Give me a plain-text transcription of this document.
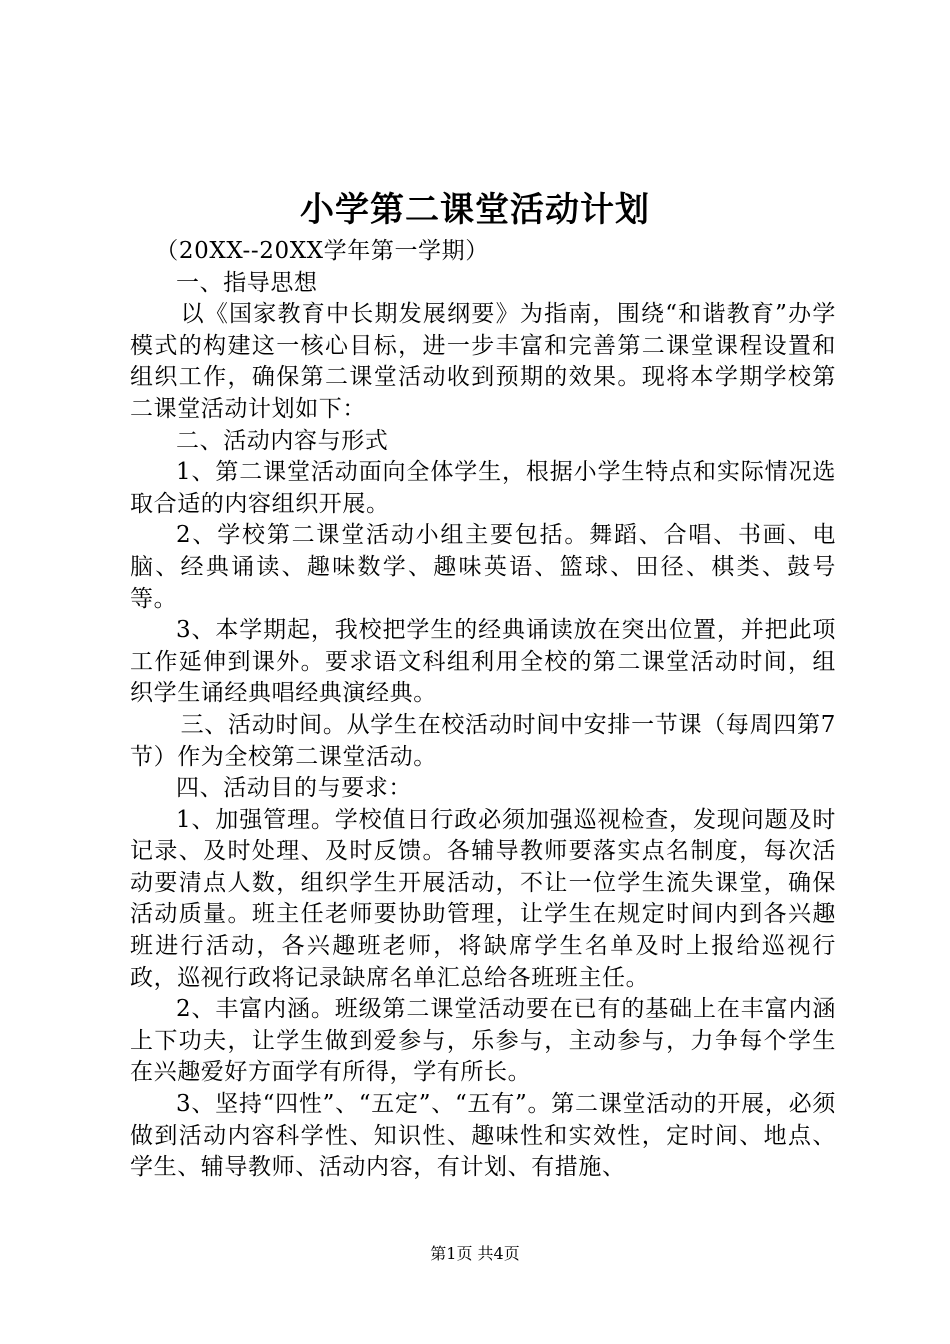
小学第二课堂活动计划

（20XX--20XX学年第一学期）

一、指导思想

以《国家教育中长期发展纲要》为指南，围绕“和谐教育”办学模式的构建这一核心目标，进一步丰富和完善第二课堂课程设置和组织工作，确保第二课堂活动收到预期的效果。现将本学期学校第二课堂活动计划如下：

二、活动内容与形式

1、第二课堂活动面向全体学生，根据小学生特点和实际情况选取合适的内容组织开展。

2、学校第二课堂活动小组主要包括。舞蹈、合唱、书画、电脑、经典诵读、趣味数学、趣味英语、篮球、田径、棋类、鼓号等。

3、本学期起，我校把学生的经典诵读放在突出位置，并把此项工作延伸到课外。要求语文科组利用全校的第二课堂活动时间，组织学生诵经典唱经典演经典。

三、活动时间。从学生在校活动时间中安排一节课（每周四第7节）作为全校第二课堂活动。

四、活动目的与要求：

1、加强管理。学校值日行政必须加强巡视检查，发现问题及时记录、及时处理、及时反馈。各辅导教师要落实点名制度，每次活动要清点人数，组织学生开展活动，不让一位学生流失课堂，确保活动质量。班主任老师要协助管理，让学生在规定时间内到各兴趣班进行活动，各兴趣班老师，将缺席学生名单及时上报给巡视行政，巡视行政将记录缺席名单汇总给各班班主任。

2、丰富内涵。班级第二课堂活动要在已有的基础上在丰富内涵上下功夫，让学生做到爱参与，乐参与，主动参与，力争每个学生在兴趣爱好方面学有所得，学有所长。

3、坚持“四性”、“五定”、“五有”。第二课堂活动的开展，必须做到活动内容科学性、知识性、趣味性和实效性，定时间、地点、学生、辅导教师、活动内容，有计划、有措施、

第1页 共4页
